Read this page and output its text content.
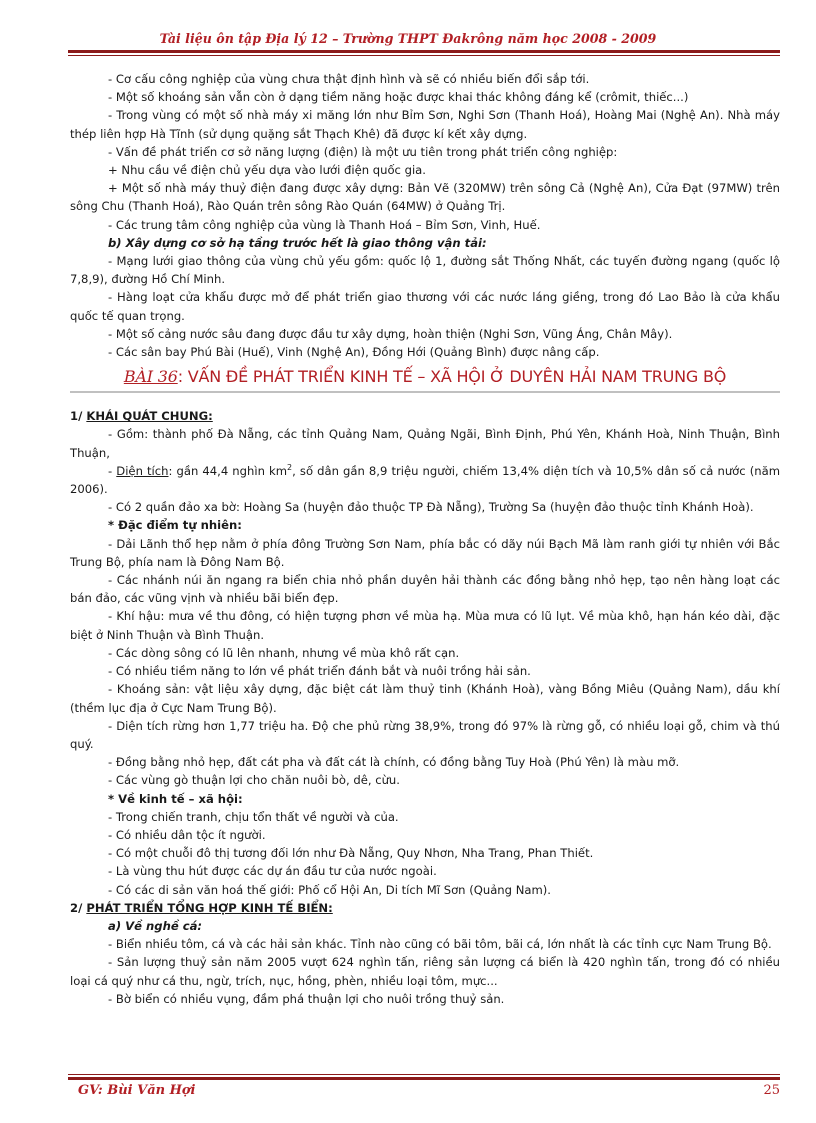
Tài liệu ôn tập Địa lý 12 – Trường THPT Đakrông năm học 2008 - 2009

- Cơ cấu công nghiệp của vùng chưa thật định hình và sẽ có nhiều biến đổi sắp tới.

- Một số khoáng sản vẫn còn ở dạng tiềm năng hoặc được khai thác không đáng kể (crômit, thiếc...)

- Trong vùng có một số nhà máy xi măng lớn như Bỉm Sơn, Nghi Sơn (Thanh Hoá), Hoàng Mai (Nghệ An). Nhà máy thép liên hợp Hà Tĩnh (sử dụng quặng sắt Thạch Khê) đã được kí kết xây dựng.

- Vấn đề phát triển cơ sở năng lượng (điện) là một ưu tiên trong phát triển công nghiệp:

+ Nhu cầu về điện chủ yếu dựa vào lưới điện quốc gia.

+ Một số nhà máy thuỷ điện đang được xây dựng: Bản Vẽ (320MW) trên sông Cả (Nghệ An), Cửa Đạt (97MW) trên sông Chu (Thanh Hoá), Rào Quán trên sông Rào Quán (64MW) ở Quảng Trị.

- Các trung tâm công nghiệp của vùng là Thanh Hoá – Bỉm Sơn, Vinh, Huế.

b) Xây dựng cơ sở hạ tầng trước hết là giao thông vận tải:

- Mạng lưới giao thông của vùng chủ yếu gồm: quốc lộ 1, đường sắt Thống Nhất, các tuyến đường ngang (quốc lộ 7,8,9), đường Hồ Chí Minh.

- Hàng loạt cửa khẩu được mở để phát triển giao thương với các nước láng giềng, trong đó Lao Bảo là cửa khẩu quốc tế quan trọng.

- Một số cảng nước sâu đang được đầu tư xây dựng, hoàn thiện (Nghi Sơn, Vũng Áng, Chân Mây).

- Các sân bay Phú Bài (Huế), Vinh (Nghệ An), Đồng Hới (Quảng Bình) được nâng cấp.

BÀI 36: VẤN ĐỀ PHÁT TRIỂN KINH TẾ – XÃ HỘI Ở DUYÊN HẢI NAM TRUNG BỘ

1/ KHÁI QUÁT CHUNG:

- Gồm: thành phố Đà Nẵng, các tỉnh Quảng Nam, Quảng Ngãi, Bình Định, Phú Yên, Khánh Hoà, Ninh Thuận, Bình Thuận,

- Diện tích: gần 44,4 nghìn $km^2$, số dân gần 8,9 triệu người, chiếm 13,4% diện tích và 10,5% dân số cả nước (năm 2006).

- Có 2 quần đảo xa bờ: Hoàng Sa (huyện đảo thuộc TP Đà Nẵng), Trường Sa (huyện đảo thuộc tỉnh Khánh Hoà).

* Đặc điểm tự nhiên:

- Dải Lãnh thổ hẹp nằm ở phía đông Trường Sơn Nam, phía bắc có dãy núi Bạch Mã làm ranh giới tự nhiên với Bắc Trung Bộ, phía nam là Đông Nam Bộ.

- Các nhánh núi ăn ngang ra biển chia nhỏ phần duyên hải thành các đồng bằng nhỏ hẹp, tạo nên hàng loạt các bán đảo, các vũng vịnh và nhiều bãi biển đẹp.

- Khí hậu: mưa về thu đông, có hiện tượng phơn về mùa hạ. Mùa mưa có lũ lụt. Về mùa khô, hạn hán kéo dài, đặc biệt ở Ninh Thuận và Bình Thuận.

- Các dòng sông có lũ lên nhanh, nhưng về mùa khô rất cạn.

- Có nhiều tiềm năng to lớn về phát triển đánh bắt và nuôi trồng hải sản.

- Khoáng sản: vật liệu xây dựng, đặc biệt cát làm thuỷ tinh (Khánh Hoà), vàng Bồng Miêu (Quảng Nam), dầu khí (thềm lục địa ở Cực Nam Trung Bộ).

- Diện tích rừng hơn 1,77 triệu ha. Độ che phủ rừng 38,9%, trong đó 97% là rừng gỗ, có nhiều loại gỗ, chim và thú quý.

- Đồng bằng nhỏ hẹp, đất cát pha và đất cát là chính, có đồng bằng Tuy Hoà (Phú Yên) là màu mỡ.

- Các vùng gò thuận lợi cho chăn nuôi bò, dê, cừu.

* Về kinh tế – xã hội:

- Trong chiến tranh, chịu tổn thất về người và của.

- Có nhiều dân tộc ít người.

- Có một chuỗi đô thị tương đối lớn như Đà Nẵng, Quy Nhơn, Nha Trang, Phan Thiết.

- Là vùng thu hút được các dự án đầu tư của nước ngoài.

- Có các di sản văn hoá thế giới: Phố cổ Hội An, Di tích Mĩ Sơn (Quảng Nam).

2/ PHÁT TRIỂN TỔNG HỢP KINH TẾ BIỂN:

a) Về nghề cá:

- Biển nhiều tôm, cá và các hải sản khác. Tỉnh nào cũng có bãi tôm, bãi cá, lớn nhất là các tỉnh cực Nam Trung Bộ.

- Sản lượng thuỷ sản năm 2005 vượt 624 nghìn tấn, riêng sản lượng cá biển là 420 nghìn tấn, trong đó có nhiều loại cá quý như cá thu, ngừ, trích, nục, hồng, phèn, nhiều loại tôm, mực...

- Bờ biển có nhiều vụng, đầm phá thuận lợi cho nuôi trồng thuỷ sản.

GV: Bùi Văn Hợi	25
